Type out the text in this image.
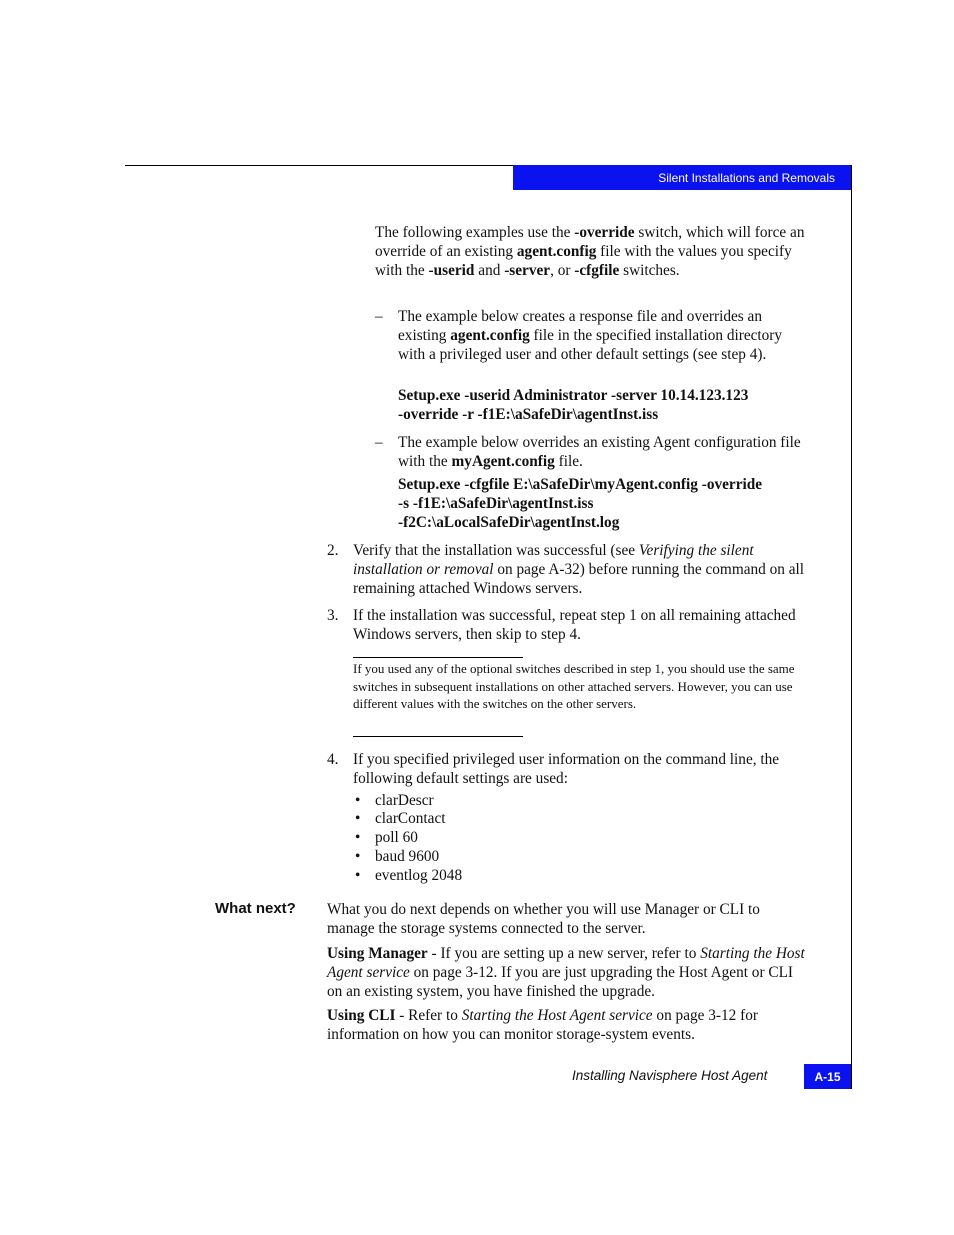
Silent Installations and Removals

The following examples use the -override switch, which will force an override of an existing agent.config file with the values you specify with the -userid and -server, or -cfgfile switches.

– The example below creates a response file and overrides an existing agent.config file in the specified installation directory with a privileged user and other default settings (see step 4).

Setup.exe -userid Administrator -server 10.14.123.123
-override -r -f1E:\aSafeDir\agentInst.iss

– The example below overrides an existing Agent configuration file with the myAgent.config file.

Setup.exe -cfgfile E:\aSafeDir\myAgent.config -override
-s -f1E:\aSafeDir\agentInst.iss
-f2C:\aLocalSafeDir\agentInst.log

2. Verify that the installation was successful (see Verifying the silent installation or removal on page A-32) before running the command on all remaining attached Windows servers.

3. If the installation was successful, repeat step 1 on all remaining attached Windows servers, then skip to step 4.

If you used any of the optional switches described in step 1, you should use the same switches in subsequent installations on other attached servers. However, you can use different values with the switches on the other servers.

4. If you specified privileged user information on the command line, the following default settings are used:

• clarDescr
• clarContact
• poll 60
• baud 9600
• eventlog 2048
What next? What you do next depends on whether you will use Manager or CLI to manage the storage systems connected to the server.

Using Manager - If you are setting up a new server, refer to Starting the Host Agent service on page 3-12. If you are just upgrading the Host Agent or CLI on an existing system, you have finished the upgrade.

Using CLI - Refer to Starting the Host Agent service on page 3-12 for information on how you can monitor storage-system events.

Installing Navisphere Host Agent	A-15
